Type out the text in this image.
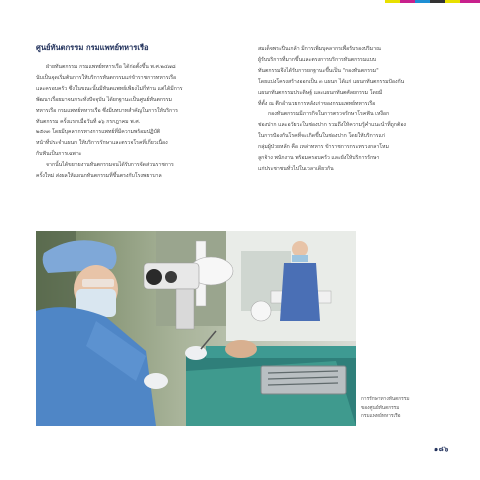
ศูนย์ทันตกรรม กรมแพทย์ทหารเรือ

ฝ่ายทันตกรรม กรมแพทย์ทหารเรือ ได้ก่อตั้งขึ้น พ.ศ.๒๔๗๘

นับเป็นจุดเริ่มต้นการให้บริการทันตกรรมแก่ข้าราชการทหารเรือ

และครอบครัว ซึ่งในขณะนั้นมีทันตแพทย์เพียงไม่กี่ท่าน แต่ได้มีการ

พัฒนาเรื่อยมาจนกระทั่งปัจจุบัน ได้ยกฐานะเป็นศูนย์ทันตกรรม

ทหารเรือ กรมแพทย์ทหารเรือ ซึ่งมีบทบาทสำคัญในการให้บริการ

ทันตกรรม ครั้งแรกเมื่อวันที่ ๑๖ กรกฎาคม พ.ศ.

๒๕๓๓ โดยมีบุคลากรทางการแพทย์ที่มีความพร้อมปฏิบัติ

หน้าที่ประจำแผนก ให้บริการรักษาและตรวจโรคที่เกี่ยวเนื่อง

กับฟันเป็นการเฉพาะ

จากนั้นได้ขยายงานทันตกรรมจนได้รับการจัดส่วนราชการ

ครั้งใหม่ ส่งผลให้แผนกทันตกรรมที่ขึ้นตรงกับโรงพยาบาล

สมเด็จพระปิ่นเกล้า มีการเพิ่มบุคลากรเพื่อรับรองปริมาณ

ผู้รับบริการที่มากขึ้นและตรงการบริการทันตกรรมแบบ

ทันตกรรมจึงได้รับการยกฐานะขึ้นเป็น "กองทันตกรรม"

โดยแบ่งโครงสร้างออกเป็น ๓ แผนก ได้แก่ แผนกทันตกรรมป้องกัน

แผนกทันตกรรมประดิษฐ์ และแผนกทันตศัลยกรรม โดยมี

ที่ตั้ง ณ ตึกอำนวยการหลังเก่าของกรมแพทย์ทหารเรือ

กองทันตกรรมมีภารกิจในการตรวจรักษาโรคฟัน เหงือก

ช่องปาก และอวัยวะในช่องปาก รวมถึงให้ความรู้คำแนะนำที่ถูกต้อง

ในการป้องกันโรคที่จะเกิดขึ้นในช่องปาก โดยให้บริการแก่

กลุ่มผู้ป่วยหลัก คือ เหล่าทหาร ข้าราชการกระทรวงกลาโหม

ลูกจ้าง พนักงาน พร้อมครอบครัว และยังให้บริการรักษา

แก่ประชาชนทั่วไปในเวลาเดียวกัน

การรักษาทางทันตกรรม

ของศูนย์ทันตกรรม

กรมแพทย์ทหารเรือ

๑๘๖
